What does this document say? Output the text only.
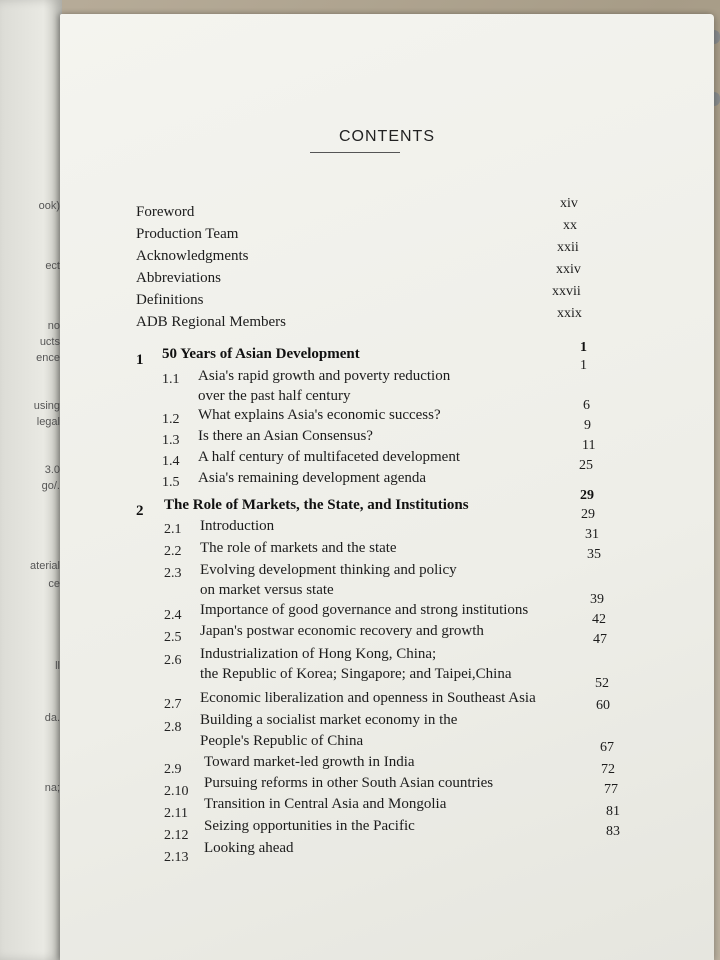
ook)
ect
no
ucts
ence
using
legal
3.0
go/.
aterial
ce
ll
da.
na;
CONTENTS
Foreword
xiv
Production Team
xx
Acknowledgments
xxii
Abbreviations
xxiv
Definitions
xxvii
ADB Regional Members
xxix
1 50 Years of Asian Development	1
1.1 Asia's rapid growth and poverty reduction
over the past half century
1
1.2 What explains Asia's economic success?
6
1.3 Is there an Asian Consensus?
9
1.4 A half century of multifaceted development
11
1.5 Asia's remaining development agenda
25
2 The Role of Markets, the State, and Institutions
29
2.1 Introduction
29
2.2 The role of markets and the state
31
2.3 Evolving development thinking and policy
on market versus state
35
2.4 Importance of good governance and strong institutions
39
2.5 Japan's postwar economic recovery and growth
42
2.6 Industrialization of Hong Kong, China;
the Republic of Korea; Singapore; and Taipei,China
47
2.7 Economic liberalization and openness in Southeast Asia
52
2.8 Building a socialist market economy in the
People's Republic of China
60
2.9 Toward market-led growth in India
67
2.10
Pursuing reforms in other South Asian countries
72
2.11
Transition in Central Asia and Mongolia
77
2.12
Seizing opportunities in the Pacific
81
2.13
Looking ahead
83
